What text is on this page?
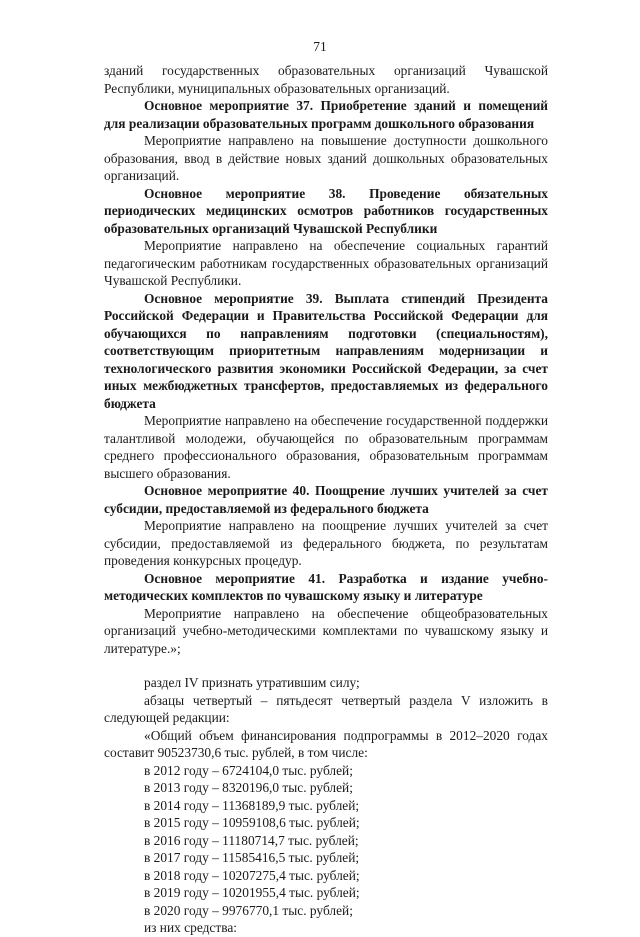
71

зданий государственных образовательных организаций Чувашской Республики, муниципальных образовательных организаций.

Основное мероприятие 37. Приобретение зданий и помещений для реализации образовательных программ дошкольного образования

Мероприятие направлено на повышение доступности дошкольного образования, ввод в действие новых зданий дошкольных образовательных организаций.

Основное мероприятие 38. Проведение обязательных периодических медицинских осмотров работников государственных образовательных организаций Чувашской Республики

Мероприятие направлено на обеспечение социальных гарантий педагогическим работникам государственных образовательных организаций Чувашской Республики.

Основное мероприятие 39. Выплата стипендий Президента Российской Федерации и Правительства Российской Федерации для обучающихся по направлениям подготовки (специальностям), соответствующим приоритетным направлениям модернизации и технологического развития экономики Российской Федерации, за счет иных межбюджетных трансфертов, предоставляемых из федерального бюджета

Мероприятие направлено на обеспечение государственной поддержки талантливой молодежи, обучающейся по образовательным программам среднего профессионального образования, образовательным программам высшего образования.

Основное мероприятие 40. Поощрение лучших учителей за счет субсидии, предоставляемой из федерального бюджета

Мероприятие направлено на поощрение лучших учителей за счет субсидии, предоставляемой из федерального бюджета, по результатам проведения конкурсных процедур.

Основное мероприятие 41. Разработка и издание учебно-методических комплектов по чувашскому языку и литературе

Мероприятие направлено на обеспечение общеобразовательных организаций учебно-методическими комплектами по чувашскому языку и литературе.»;

раздел IV признать утратившим силу;

абзацы четвертый – пятьдесят четвертый раздела V изложить в следующей редакции:

«Общий объем финансирования подпрограммы в 2012–2020 годах составит 90523730,6 тыс. рублей, в том числе:

в 2012 году – 6724104,0 тыс. рублей;
в 2013 году – 8320196,0 тыс. рублей;
в 2014 году – 11368189,9 тыс. рублей;
в 2015 году – 10959108,6 тыс. рублей;
в 2016 году – 11180714,7 тыс. рублей;
в 2017 году – 11585416,5 тыс. рублей;
в 2018 году – 10207275,4 тыс. рублей;
в 2019 году – 10201955,4 тыс. рублей;
в 2020 году – 9976770,1 тыс. рублей;
из них средства:
